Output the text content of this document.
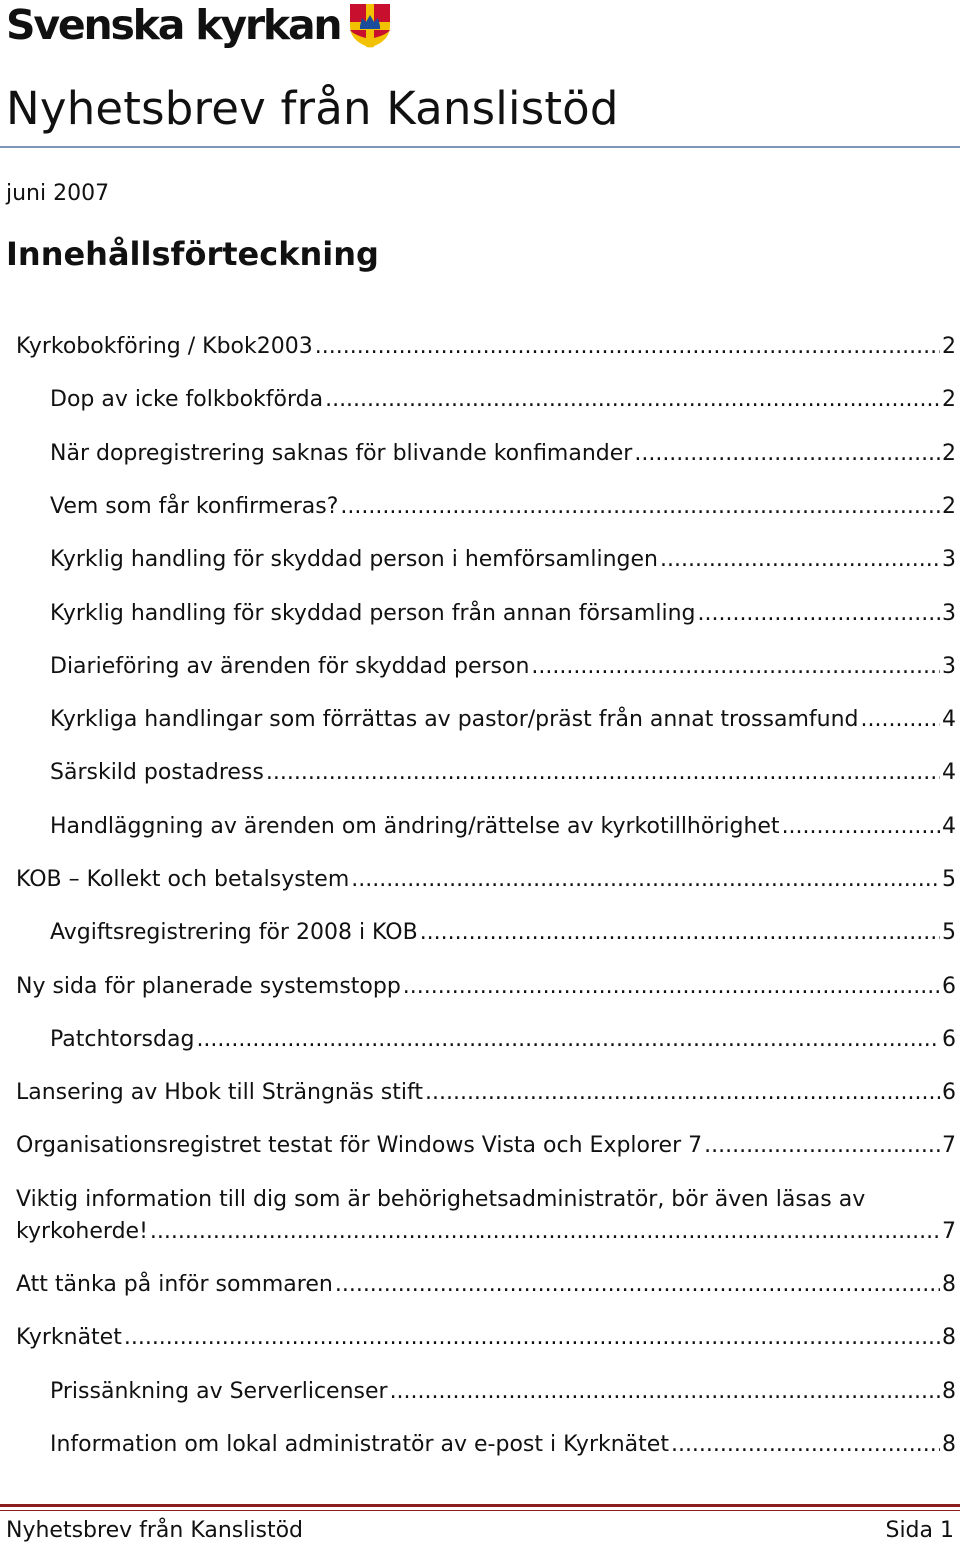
Svenska kyrkan
Nyhetsbrev från Kanslistöd
juni 2007
Innehållsförteckning
Kyrkobokföring / Kbok2003 .....	2
Dop av icke folkbokförda .....	2
När dopregistrering saknas för blivande konfimander .....	2
Vem som får konfirmeras? .....	2
Kyrklig handling för skyddad person i hemförsamlingen .....	3
Kyrklig handling för skyddad person från annan församling .....	3
Diarieföring av ärenden för skyddad person .....	3
Kyrkliga handlingar som förrättas av pastor/präst från annat trossamfund .....	4
Särskild postadress .....	4
Handläggning av ärenden om ändring/rättelse av kyrkotillhörighet .....	4
KOB – Kollekt och betalsystem .....	5
Avgiftsregistrering för 2008 i KOB .....	5
Ny sida för planerade systemstopp .....	6
Patchtorsdag .....	6
Lansering av Hbok till Strängnäs stift .....	6
Organisationsregistret testat för Windows Vista och Explorer 7 .....	7
Viktig information till dig som är behörighetsadministratör, bör även läsas av
kyrkoherde! .....	7
Att tänka på inför sommaren .....	8
Kyrknätet .....	8
Prissänkning av Serverlicenser .....	8
Information om lokal administratör av e-post i Kyrknätet .....	8
Nyhetsbrev från Kanslistöd	Sida 1
